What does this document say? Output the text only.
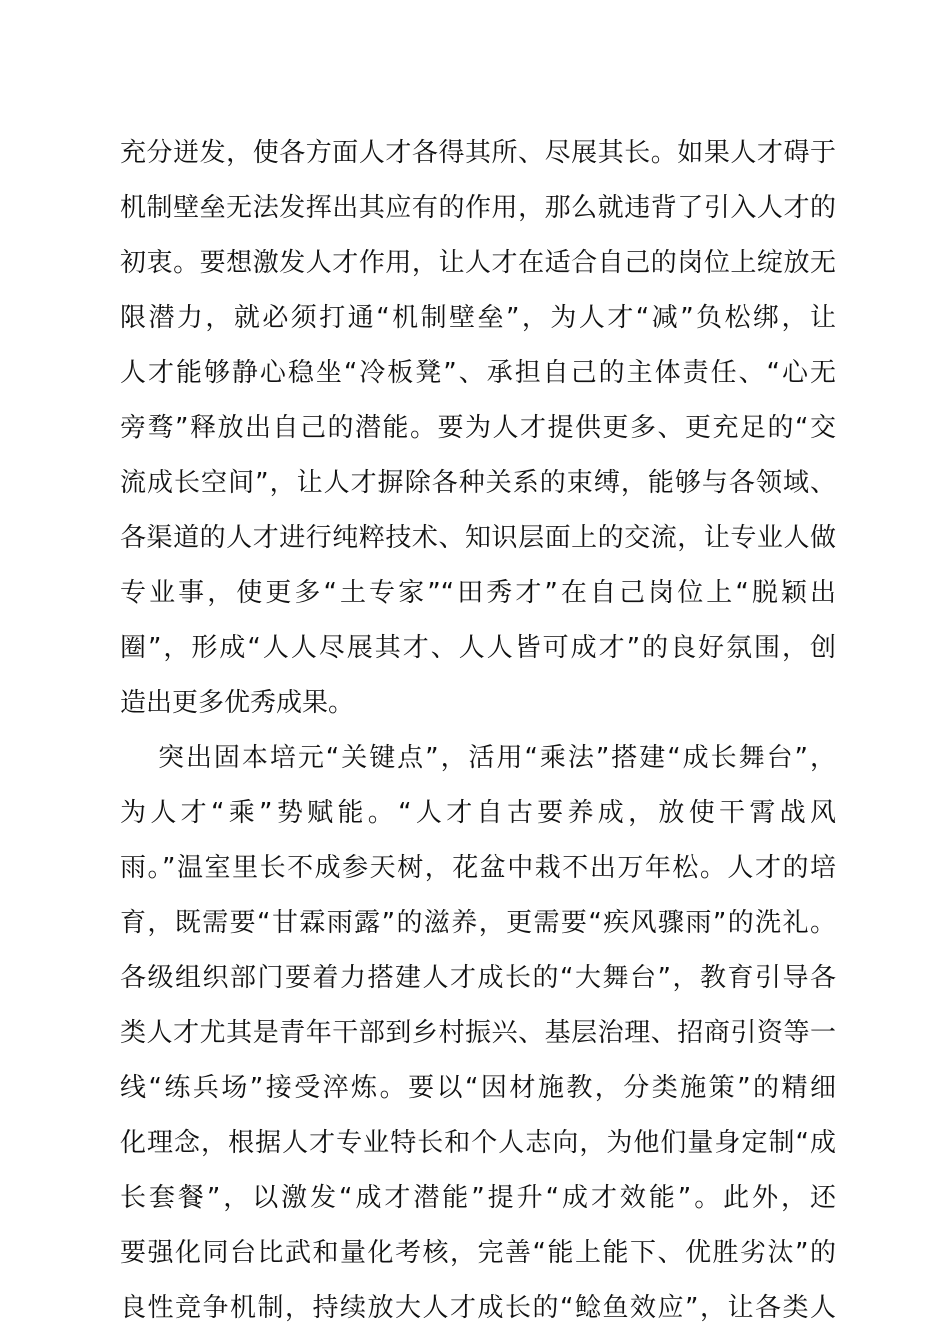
充分迸发，使各方面人才各得其所、尽展其长。如果人才碍于
机制壁垒无法发挥出其应有的作用，那么就违背了引入人才的
初衷。要想激发人才作用，让人才在适合自己的岗位上绽放无
限潜力，就必须打通“机制壁垒”，为人才“减”负松绑，让
人才能够静心稳坐“冷板凳”、承担自己的主体责任、“心无
旁骛”释放出自己的潜能。要为人才提供更多、更充足的“交
流成长空间”，让人才摒除各种关系的束缚，能够与各领域、
各渠道的人才进行纯粹技术、知识层面上的交流，让专业人做
专业事，使更多“土专家”“田秀才”在自己岗位上“脱颖出
圈”，形成“人人尽展其才、人人皆可成才”的良好氛围，创
造出更多优秀成果。
突出固本培元“关键点”，活用“乘法”搭建“成长舞台”，
为人才“乘”势赋能。“人才自古要养成，放使干霄战风
雨。”温室里长不成参天树，花盆中栽不出万年松。人才的培
育，既需要“甘霖雨露”的滋养，更需要“疾风骤雨”的洗礼。
各级组织部门要着力搭建人才成长的“大舞台”，教育引导各
类人才尤其是青年干部到乡村振兴、基层治理、招商引资等一
线“练兵场”接受淬炼。要以“因材施教，分类施策”的精细
化理念，根据人才专业特长和个人志向，为他们量身定制“成
长套餐”，以激发“成才潜能”提升“成才效能”。此外，还
要强化同台比武和量化考核，完善“能上能下、优胜劣汰”的
良性竞争机制，持续放大人才成长的“鲶鱼效应”，让各类人
